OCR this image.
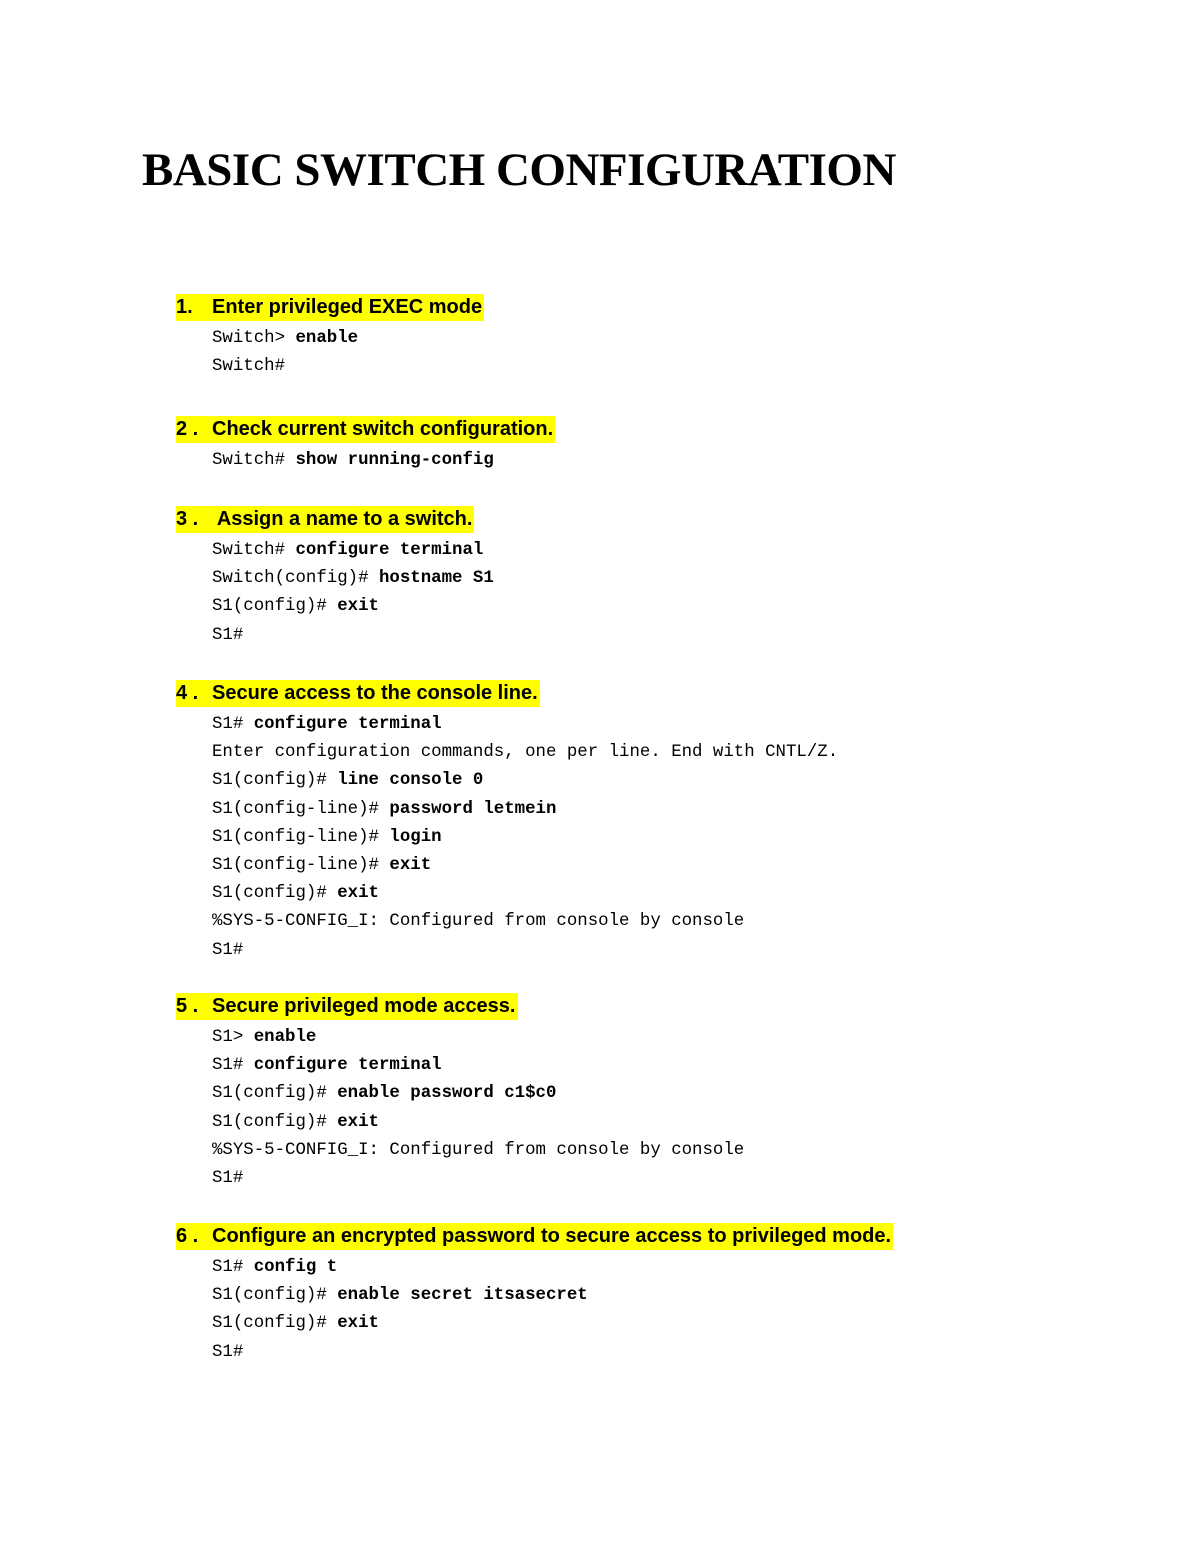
BASIC SWITCH CONFIGURATION
1. Enter privileged EXEC mode
Switch> enable
Switch#
2 . Check current switch configuration.
Switch# show running-config
3 . Assign a name to a switch.
Switch# configure terminal
Switch(config)# hostname S1
S1(config)# exit
S1#
4 . Secure access to the console line.
S1# configure terminal
Enter configuration commands, one per line. End with CNTL/Z.
S1(config)# line console 0
S1(config-line)# password letmein
S1(config-line)# login
S1(config-line)# exit
S1(config)# exit
%SYS-5-CONFIG_I: Configured from console by console
S1#
5 . Secure privileged mode access.
S1> enable
S1# configure terminal
S1(config)# enable password c1$c0
S1(config)# exit
%SYS-5-CONFIG_I: Configured from console by console
S1#
6 . Configure an encrypted password to secure access to privileged mode.
S1# config t
S1(config)# enable secret itsasecret
S1(config)# exit
S1#
